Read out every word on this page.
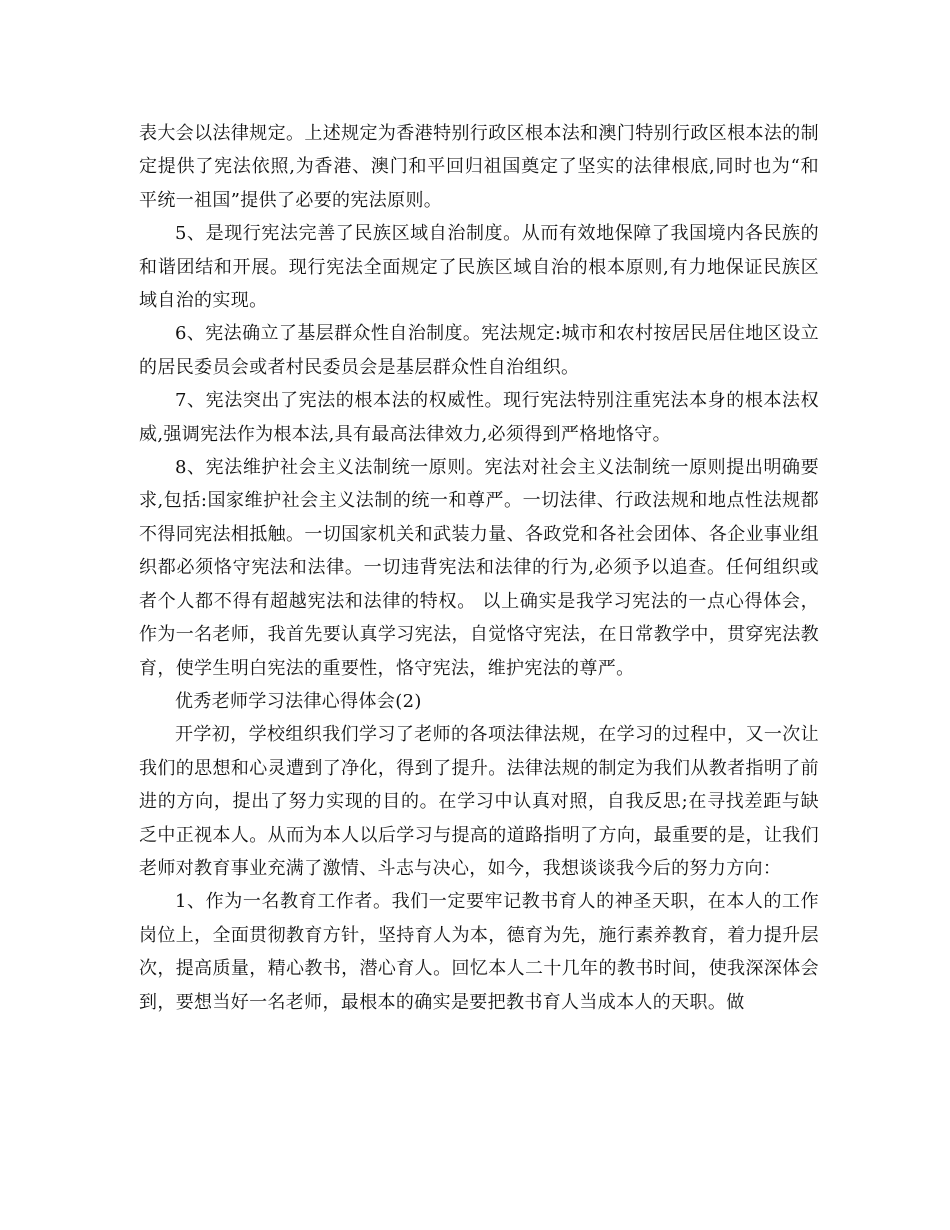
表大会以法律规定。上述规定为香港特别行政区根本法和澳门特别行政区根本法的制定提供了宪法依照,为香港、澳门和平回归祖国奠定了坚实的法律根底,同时也为“和平统一祖国”提供了必要的宪法原则。

5、是现行宪法完善了民族区域自治制度。从而有效地保障了我国境内各民族的和谐团结和开展。现行宪法全面规定了民族区域自治的根本原则,有力地保证民族区域自治的实现。

6、宪法确立了基层群众性自治制度。宪法规定:城市和农村按居民居住地区设立的居民委员会或者村民委员会是基层群众性自治组织。

7、宪法突出了宪法的根本法的权威性。现行宪法特别注重宪法本身的根本法权威,强调宪法作为根本法,具有最高法律效力,必须得到严格地恪守。

8、宪法维护社会主义法制统一原则。宪法对社会主义法制统一原则提出明确要求,包括:国家维护社会主义法制的统一和尊严。一切法律、行政法规和地点性法规都不得同宪法相抵触。一切国家机关和武装力量、各政党和各社会团体、各企业事业组织都必须恪守宪法和法律。一切违背宪法和法律的行为,必须予以追查。任何组织或者个人都不得有超越宪法和法律的特权。 以上确实是我学习宪法的一点心得体会，作为一名老师，我首先要认真学习宪法，自觉恪守宪法，在日常教学中，贯穿宪法教育，使学生明白宪法的重要性，恪守宪法，维护宪法的尊严。

优秀老师学习法律心得体会(2)

开学初，学校组织我们学习了老师的各项法律法规，在学习的过程中，又一次让我们的思想和心灵遭到了净化，得到了提升。法律法规的制定为我们从教者指明了前进的方向，提出了努力实现的目的。在学习中认真对照，自我反思;在寻找差距与缺乏中正视本人。从而为本人以后学习与提高的道路指明了方向，最重要的是，让我们老师对教育事业充满了激情、斗志与决心，如今，我想谈谈我今后的努力方向：

1、作为一名教育工作者。我们一定要牢记教书育人的神圣天职，在本人的工作岗位上，全面贯彻教育方针，坚持育人为本，德育为先，施行素养教育，着力提升层次，提高质量，精心教书，潜心育人。回忆本人二十几年的教书时间，使我深深体会到，要想当好一名老师，最根本的确实是要把教书育人当成本人的天职。做
